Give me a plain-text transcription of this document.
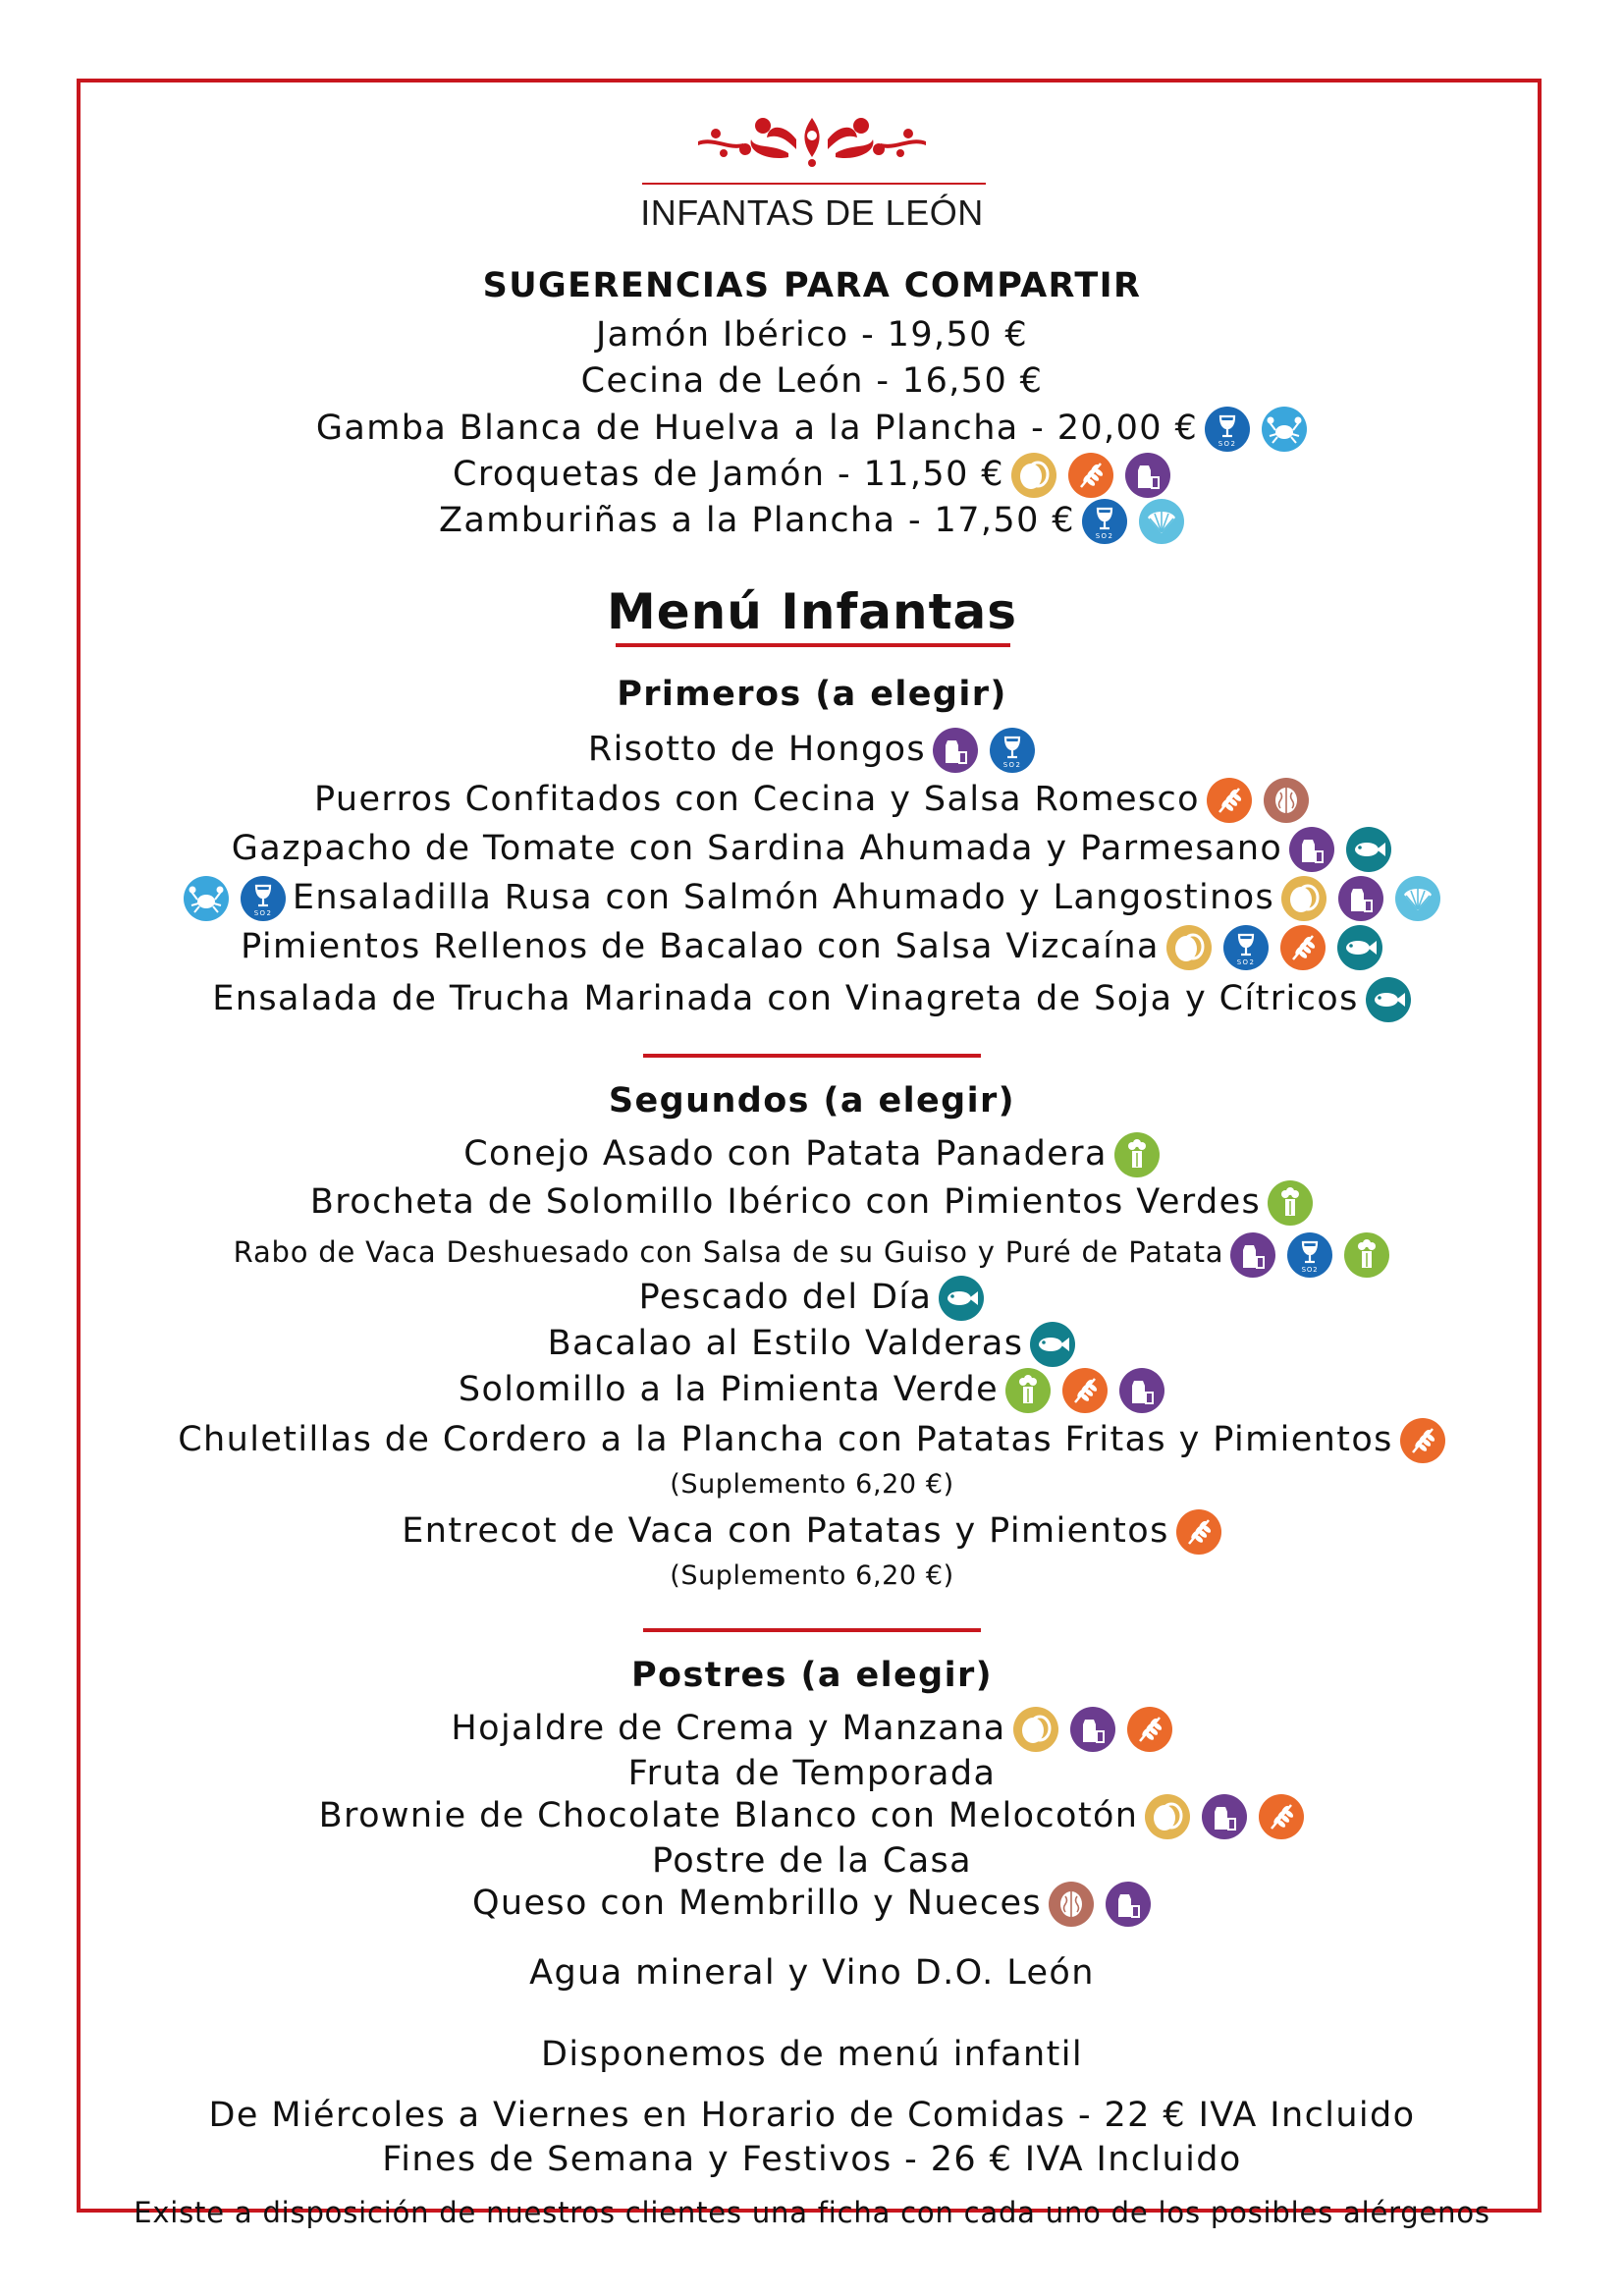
INFANTAS DE LEÓN
SUGERENCIAS PARA COMPARTIR
Jamón Ibérico - 19,50 €
Cecina de León - 16,50 €
Gamba Blanca de Huelva a la Plancha - 20,00 €	SO2
Croquetas de Jamón - 11,50 €
Zamburiñas a la Plancha - 17,50 €	SO2
Menú Infantas
Primeros (a elegir)
Risotto de Hongos	SO2
Puerros Confitados con Cecina y Salsa Romesco
Gazpacho de Tomate con Sardina Ahumada y Parmesano
SO2 Ensaladilla Rusa con Salmón Ahumado y Langostinos
Pimientos Rellenos de Bacalao con Salsa Vizcaína	SO2
Ensalada de Trucha Marinada con Vinagreta de Soja y Cítricos
Segundos (a elegir)
Conejo Asado con Patata Panadera
Brocheta de Solomillo Ibérico con Pimientos Verdes
Rabo de Vaca Deshuesado con Salsa de su Guiso y Puré de Patata
SO2
Pescado del Día
Bacalao al Estilo Valderas
Solomillo a la Pimienta Verde
Chuletillas de Cordero a la Plancha con Patatas Fritas y Pimientos
(Suplemento 6,20 €)
Entrecot de Vaca con Patatas y Pimientos
(Suplemento 6,20 €)
Postres (a elegir)
Hojaldre de Crema y Manzana
Fruta de Temporada
Brownie de Chocolate Blanco con Melocotón
Postre de la Casa
Queso con Membrillo y Nueces
Agua mineral y Vino D.O. León
Disponemos de menú infantil
De Miércoles a Viernes en Horario de Comidas - 22 € IVA Incluido
Fines de Semana y Festivos - 26 € IVA Incluido
Existe a disposición de nuestros clientes una ficha con cada uno de los posibles alérgenos
